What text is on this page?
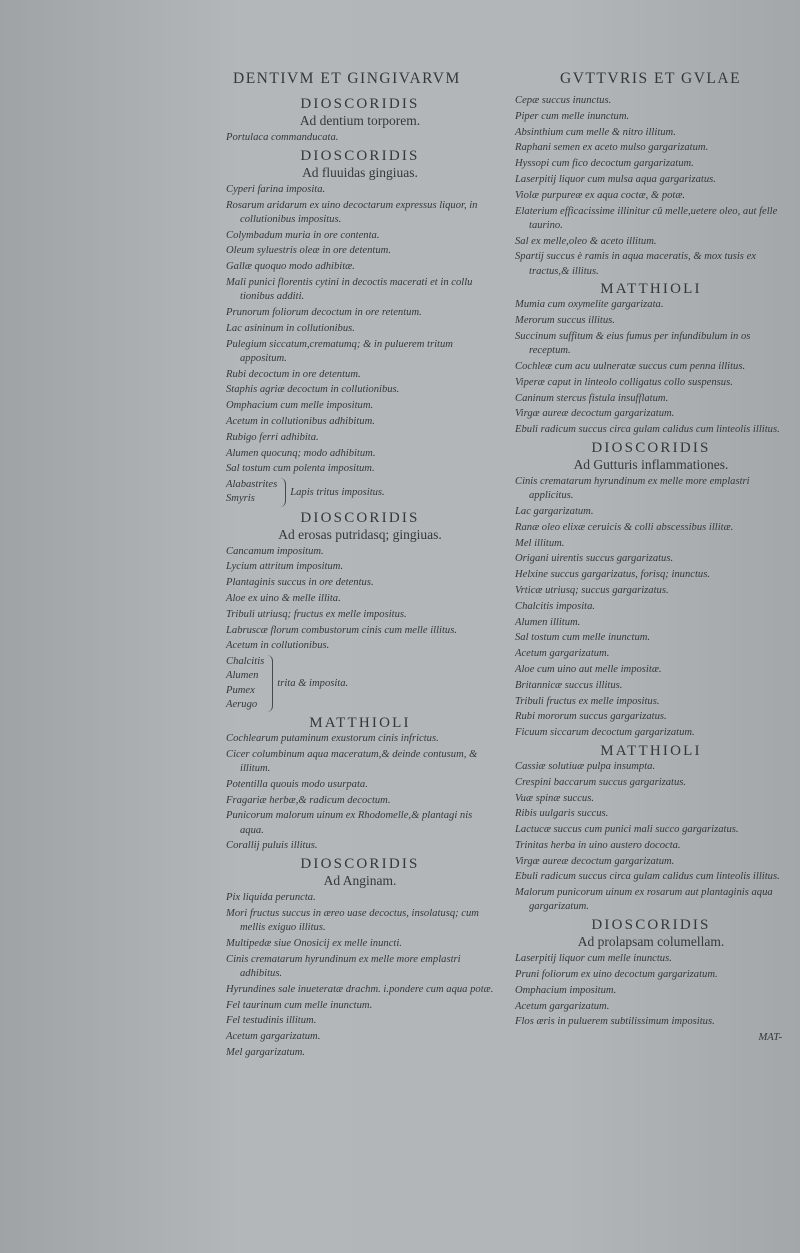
DENTIVM ET GINGIVARVM	GVTTVRIS ET GVLAE
DIOSCORIDIS
Ad dentium torporem.
Portulaca commanducata.
DIOSCORIDIS
Ad fluuidas gingiuas.
Cyperi farina imposita.
Rosarum aridarum ex uino decoctarum expressus liquor, in collutionibus impositus.
Colymbadum muria in ore contenta.
Oleum syluestris oleæ in ore detentum.
Gallæ quoquo modo adhibitæ.
Mali punici florentis cytini in decoctis macerati et in collu tionibus additi.
Prunorum foliorum decoctum in ore retentum.
Lac asininum in collutionibus.
Pulegium siccatum,crematumq; & in puluerem tritum appositum.
Rubi decoctum in ore detentum.
Staphis agriæ decoctum in collutionibus.
Omphacium cum melle impositum.
Acetum in collutionibus adhibitum.
Rubigo ferri adhibita.
Alumen quocunq; modo adhibitum.
Sal tostum cum polenta impositum.
Alabastrites
Smyris
Lapis tritus impositus.
DIOSCORIDIS
Ad erosas putridasq; gingiuas.
Cancamum impositum.
Lycium attritum impositum.
Plantaginis succus in ore detentus.
Aloe ex uino & melle illita.
Tribuli utriusq; fructus ex melle impositus.
Labruscæ florum combustorum cinis cum melle illitus.
Acetum in collutionibus.
Chalcitis
Alumen
Pumex
Aerugo
trita & imposita.
MATTHIOLI
Cochlearum putaminum exustorum cinis infrictus.
Cicer columbinum aqua maceratum,& deinde contusum, & illitum.
Potentilla quouis modo usurpata.
Fragariæ herbæ,& radicum decoctum.
Punicorum malorum uinum ex Rhodomelle,& plantagi nis aqua.
Corallij puluis illitus.
DIOSCORIDIS
Ad Anginam.
Pix liquida peruncta.
Mori fructus succus in æreo uase decoctus, insolatusq; cum mellis exiguo illitus.
Multipedæ siue Onosicij ex melle inuncti.
Cinis crematarum hyrundinum ex melle more emplastri adhibitus.
Hyrundines sale inueteratæ drachm. i.pondere cum aqua potæ.
Fel taurinum cum melle inunctum.
Fel testudinis illitum.
Acetum gargarizatum.
Mel gargarizatum.
Cepæ succus inunctus.
Piper cum melle inunctum.
Absinthium cum melle & nitro illitum.
Raphani semen ex aceto mulso gargarizatum.
Hyssopi cum fico decoctum gargarizatum.
Laserpitij liquor cum mulsa aqua gargarizatus.
Violæ purpureæ ex aqua coctæ, & potæ.
Elaterium efficacissime illinitur cū melle,uetere oleo, aut felle taurino.
Sal ex melle,oleo & aceto illitum.
Spartij succus è ramis in aqua maceratis, & mox tusis ex tractus,& illitus.
MATTHIOLI
Mumia cum oxymelite gargarizata.
Merorum succus illitus.
Succinum suffitum & eius fumus per infundibulum in os receptum.
Cochleæ cum acu uulneratæ succus cum penna illitus.
Viperæ caput in linteolo colligatus collo suspensus.
Caninum stercus fistula insufflatum.
Virgæ aureæ decoctum gargarizatum.
Ebuli radicum succus circa gulam calidus cum linteolis illitus.
DIOSCORIDIS
Ad Gutturis inflammationes.
Cinis crematarum hyrundinum ex melle more emplastri applicitus.
Lac gargarizatum.
Ranæ oleo elixæ ceruicis & colli abscessibus illitæ.
Mel illitum.
Origani uirentis succus gargarizatus.
Helxine succus gargarizatus, forisq; inunctus.
Vrticæ utriusq; succus gargarizatus.
Chalcitis imposita.
Alumen illitum.
Sal tostum cum melle inunctum.
Acetum gargarizatum.
Aloe cum uino aut melle impositæ.
Britannicæ succus illitus.
Tribuli fructus ex melle impositus.
Rubi mororum succus gargarizatus.
Ficuum siccarum decoctum gargarizatum.
MATTHIOLI
Cassiæ solutiuæ pulpa insumpta.
Crespini baccarum succus gargarizatus.
Vuæ spinæ succus.
Ribis uulgaris succus.
Lactucæ succus cum punici mali succo gargarizatus.
Trinitas herba in uino austero dococta.
Virgæ aureæ decoctum gargarizatum.
Ebuli radicum succus circa gulam calidus cum linteolis illitus.
Malorum punicorum uinum ex rosarum aut plantaginis aqua gargarizatum.
DIOSCORIDIS
Ad prolapsam columellam.
Laserpitij liquor cum melle inunctus.
Pruni foliorum ex uino decoctum gargarizatum.
Omphacium impositum.
Acetum gargarizatum.
Flos æris in puluerem subtilissimum impositus.
MAT-
